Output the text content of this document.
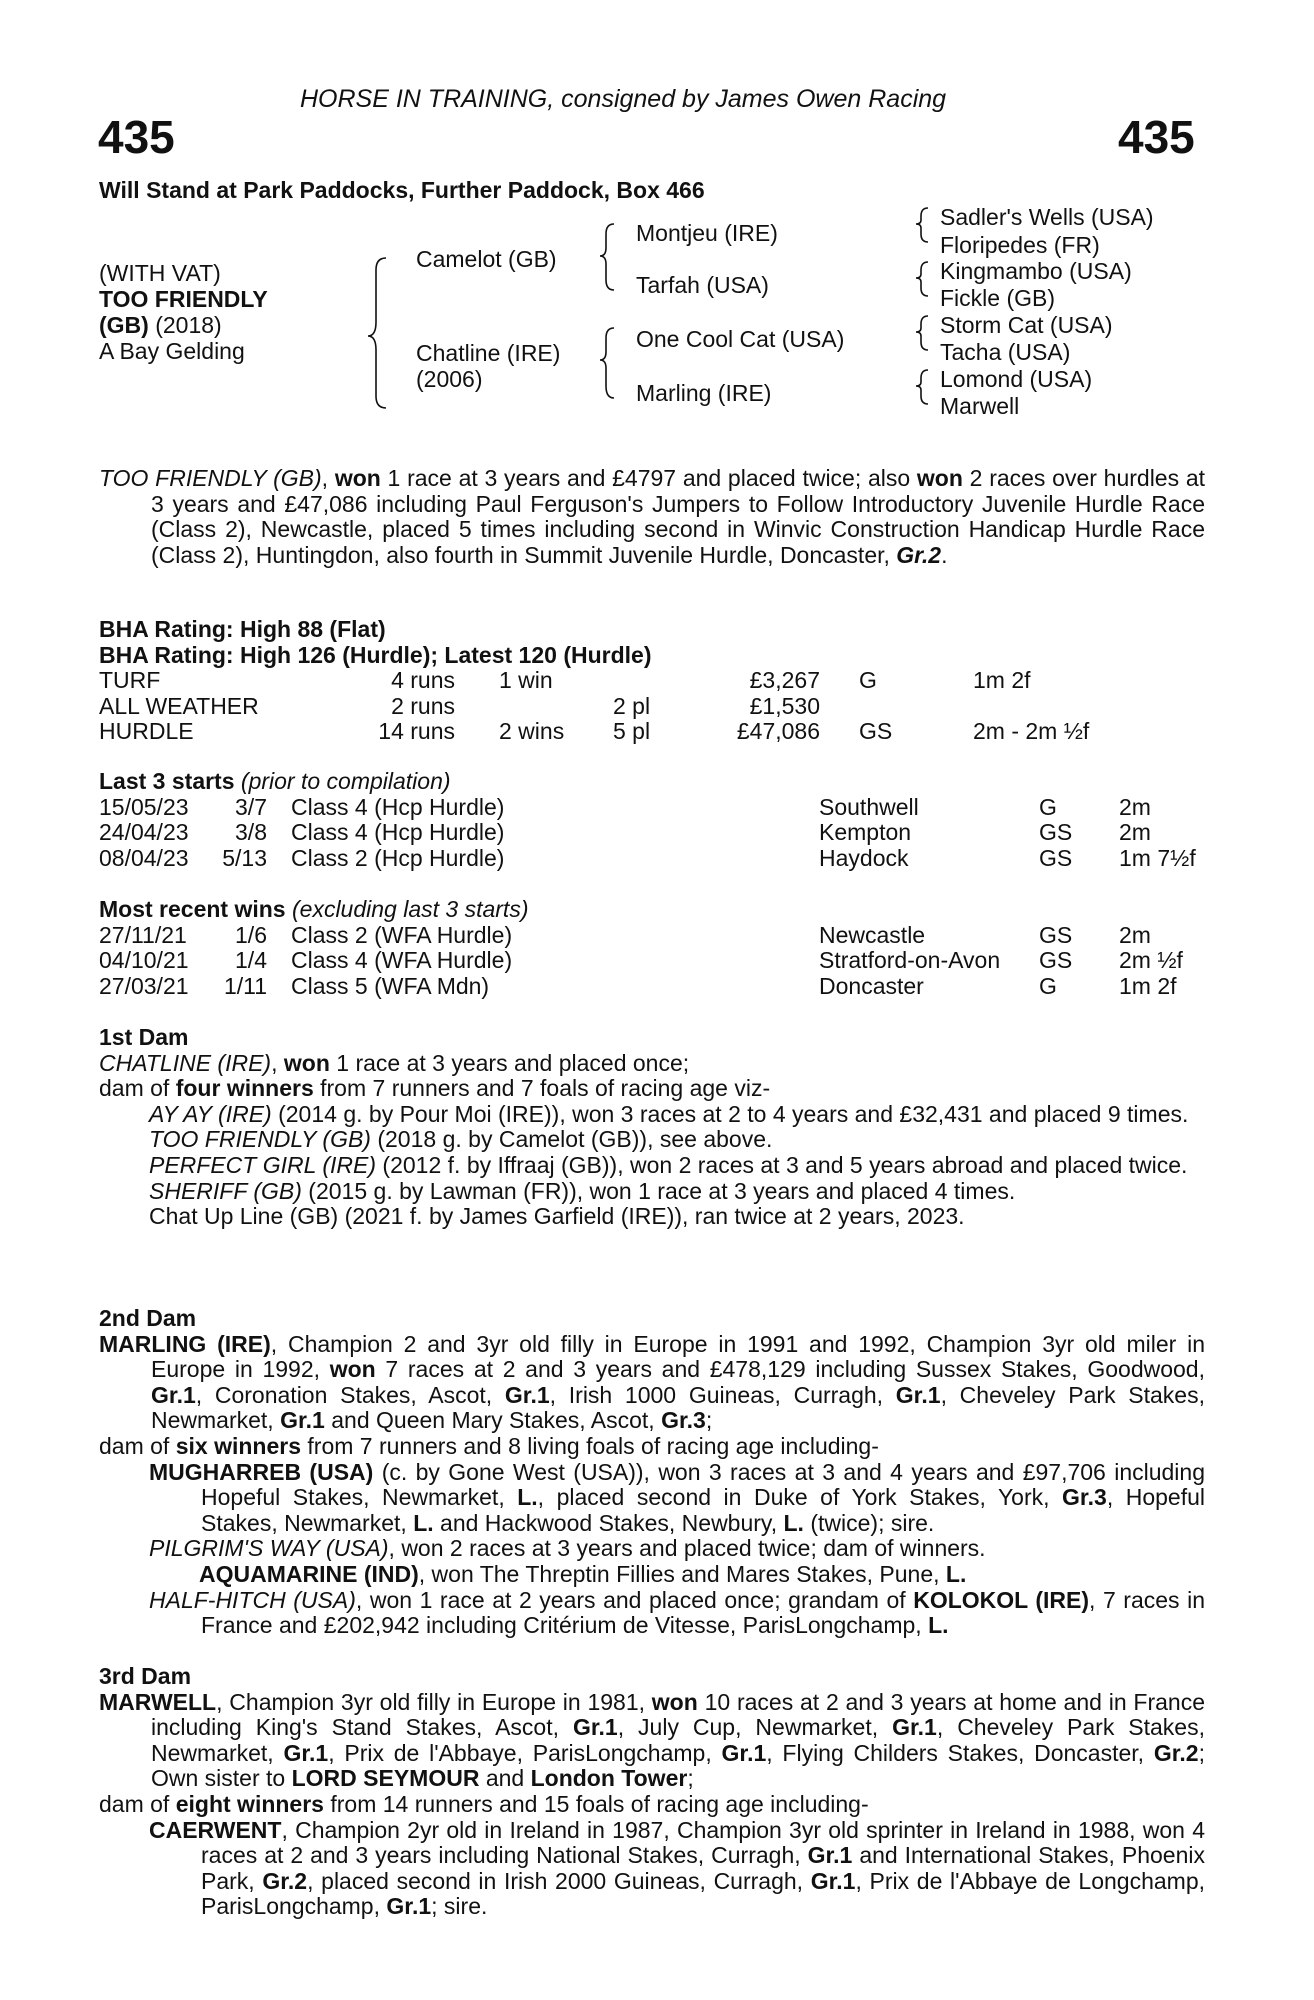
HORSE IN TRAINING, consigned by James Owen Racing
435	435
Will Stand at Park Paddocks, Further Paddock, Box 466
(WITH VAT)
TOO FRIENDLY
(GB) (2018)
A Bay Gelding
Camelot (GB)
Chatline (IRE)
(2006)
Montjeu (IRE)
Tarfah (USA)
One Cool Cat (USA)
Marling (IRE)
Sadler's Wells (USA)
Floripedes (FR)
Kingmambo (USA)
Fickle (GB)
Storm Cat (USA)
Tacha (USA)
Lomond (USA)
Marwell

TOO FRIENDLY (GB), won 1 race at 3 years and £4797 and placed twice; also won 2 races over hurdles at 3 years and £47,086 including Paul Ferguson's Jumpers to Follow Introductory Juvenile Hurdle Race (Class 2), Newcastle, placed 5 times including second in Winvic Construction Handicap Hurdle Race (Class 2), Huntingdon, also fourth in Summit Juvenile Hurdle, Doncaster, Gr.2.

BHA Rating: High 88 (Flat)
BHA Rating: High 126 (Hurdle); Latest 120 (Hurdle)
TURF	4 runs 1 win	£3,267 G	1m 2f
ALL WEATHER	2 runs	2 pl	£1,530
HURDLE	14 runs 2 wins 5 pl	£47,086 GS	2m - 2m ½f
Last 3 starts (prior to compilation)
15/05/23 3/7 Class 4 (Hcp Hurdle)	Southwell	G	2m
24/04/23 3/8 Class 4 (Hcp Hurdle)	Kempton	GS 2m
08/04/23 5/13 Class 2 (Hcp Hurdle)	Haydock	GS 1m 7½f
Most recent wins (excluding last 3 starts)
27/11/21 1/6 Class 2 (WFA Hurdle)	Newcastle	GS 2m
04/10/21 1/4 Class 4 (WFA Hurdle)	Stratford-on-Avon GS 2m ½f
27/03/21 1/11 Class 5 (WFA Mdn)	Doncaster	G	1m 2f

1st Dam

CHATLINE (IRE), won 1 race at 3 years and placed once;

dam of four winners from 7 runners and 7 foals of racing age viz-

AY AY (IRE) (2014 g. by Pour Moi (IRE)), won 3 races at 2 to 4 years and £32,431 and placed 9 times.

TOO FRIENDLY (GB) (2018 g. by Camelot (GB)), see above.

PERFECT GIRL (IRE) (2012 f. by Iffraaj (GB)), won 2 races at 3 and 5 years abroad and placed twice.

SHERIFF (GB) (2015 g. by Lawman (FR)), won 1 race at 3 years and placed 4 times.

Chat Up Line (GB) (2021 f. by James Garfield (IRE)), ran twice at 2 years, 2023.

2nd Dam

MARLING (IRE), Champion 2 and 3yr old filly in Europe in 1991 and 1992, Champion 3yr old miler in Europe in 1992, won 7 races at 2 and 3 years and £478,129 including Sussex Stakes, Goodwood, Gr.1, Coronation Stakes, Ascot, Gr.1, Irish 1000 Guineas, Curragh, Gr.1, Cheveley Park Stakes, Newmarket, Gr.1 and Queen Mary Stakes, Ascot, Gr.3;

dam of six winners from 7 runners and 8 living foals of racing age including-

MUGHARREB (USA) (c. by Gone West (USA)), won 3 races at 3 and 4 years and £97,706 including Hopeful Stakes, Newmarket, L., placed second in Duke of York Stakes, York, Gr.3, Hopeful Stakes, Newmarket, L. and Hackwood Stakes, Newbury, L. (twice); sire.

PILGRIM'S WAY (USA), won 2 races at 3 years and placed twice; dam of winners.

AQUAMARINE (IND), won The Threptin Fillies and Mares Stakes, Pune, L.

HALF-HITCH (USA), won 1 race at 2 years and placed once; grandam of KOLOKOL (IRE), 7 races in France and £202,942 including Critérium de Vitesse, ParisLongchamp, L.

3rd Dam

MARWELL, Champion 3yr old filly in Europe in 1981, won 10 races at 2 and 3 years at home and in France including King's Stand Stakes, Ascot, Gr.1, July Cup, Newmarket, Gr.1, Cheveley Park Stakes, Newmarket, Gr.1, Prix de l'Abbaye, ParisLongchamp, Gr.1, Flying Childers Stakes, Doncaster, Gr.2; Own sister to LORD SEYMOUR and London Tower;

dam of eight winners from 14 runners and 15 foals of racing age including-

CAERWENT, Champion 2yr old in Ireland in 1987, Champion 3yr old sprinter in Ireland in 1988, won 4 races at 2 and 3 years including National Stakes, Curragh, Gr.1 and International Stakes, Phoenix Park, Gr.2, placed second in Irish 2000 Guineas, Curragh, Gr.1, Prix de l'Abbaye de Longchamp, ParisLongchamp, Gr.1; sire.
